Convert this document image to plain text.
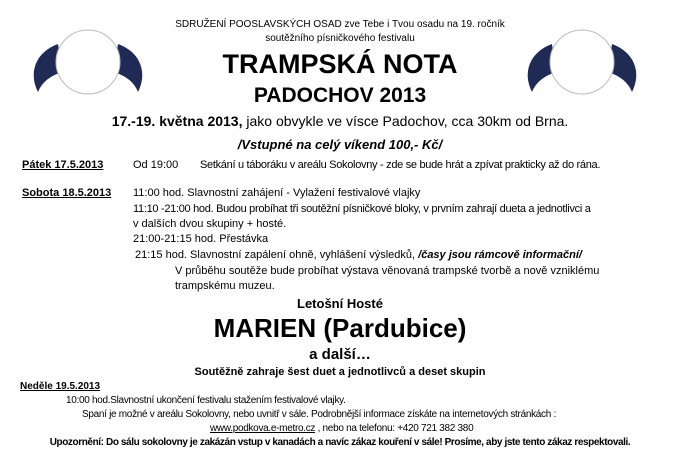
SDRUŽENÍ POOSLAVSKÝCH OSAD zve Tebe i Tvou osadu na 19. ročník
soutěžního písničkového festivalu
TRAMPSKÁ NOTA
PADOCHOV 2013
17.-19. května 2013, jako obvykle ve víscе Padochov, cca 30km od Brna.
/Vstupné na celý víkend 100,- Kč/
Pátek 17.5.2013	Od 19:00 Setkání u táboráku v areálu Sokolovny - zde se bude hrát a zpívat prakticky až do rána.
Sobota 18.5.2013 11:00 hod. Slavnostní zahájení - Vylažení festivalové vlajky
11:10 -21:00 hod. Budou probíhat tři soutěžní písničkové bloky, v prvním zahrají dueta a jednotlivci a
v dalších dvou skupiny + hosté.
21:00-21:15 hod. Přestávka
21:15 hod. Slavnostní zapálení ohně, vyhlášení výsledků, /časy jsou rámcově informační/
V průběhu soutěže bude probíhat výstava věnovaná trampské tvorbě a nově vzniklému
trampskému muzeu.
Letošní Hosté
MARIEN (Pardubice)
a další…
Soutěžně zahraje šest duet a jednotlivců a deset skupin
Neděle 19.5.2013
10:00 hod.Slavnostní ukončení festivalu stažením festivalové vlajky.
Spaní je možné v areálu Sokolovny, nebo uvnitř v sále. Podrobnější informace získáte na internetových stránkách :
www.podkova.e-metro.cz , nebo na telefonu: +420 721 382 380
Upozornění: Do sálu sokolovny je zakázán vstup v kanadách a navíc zákaz kouření v sále! Prosíme, aby jste tento zákaz respektovali.
